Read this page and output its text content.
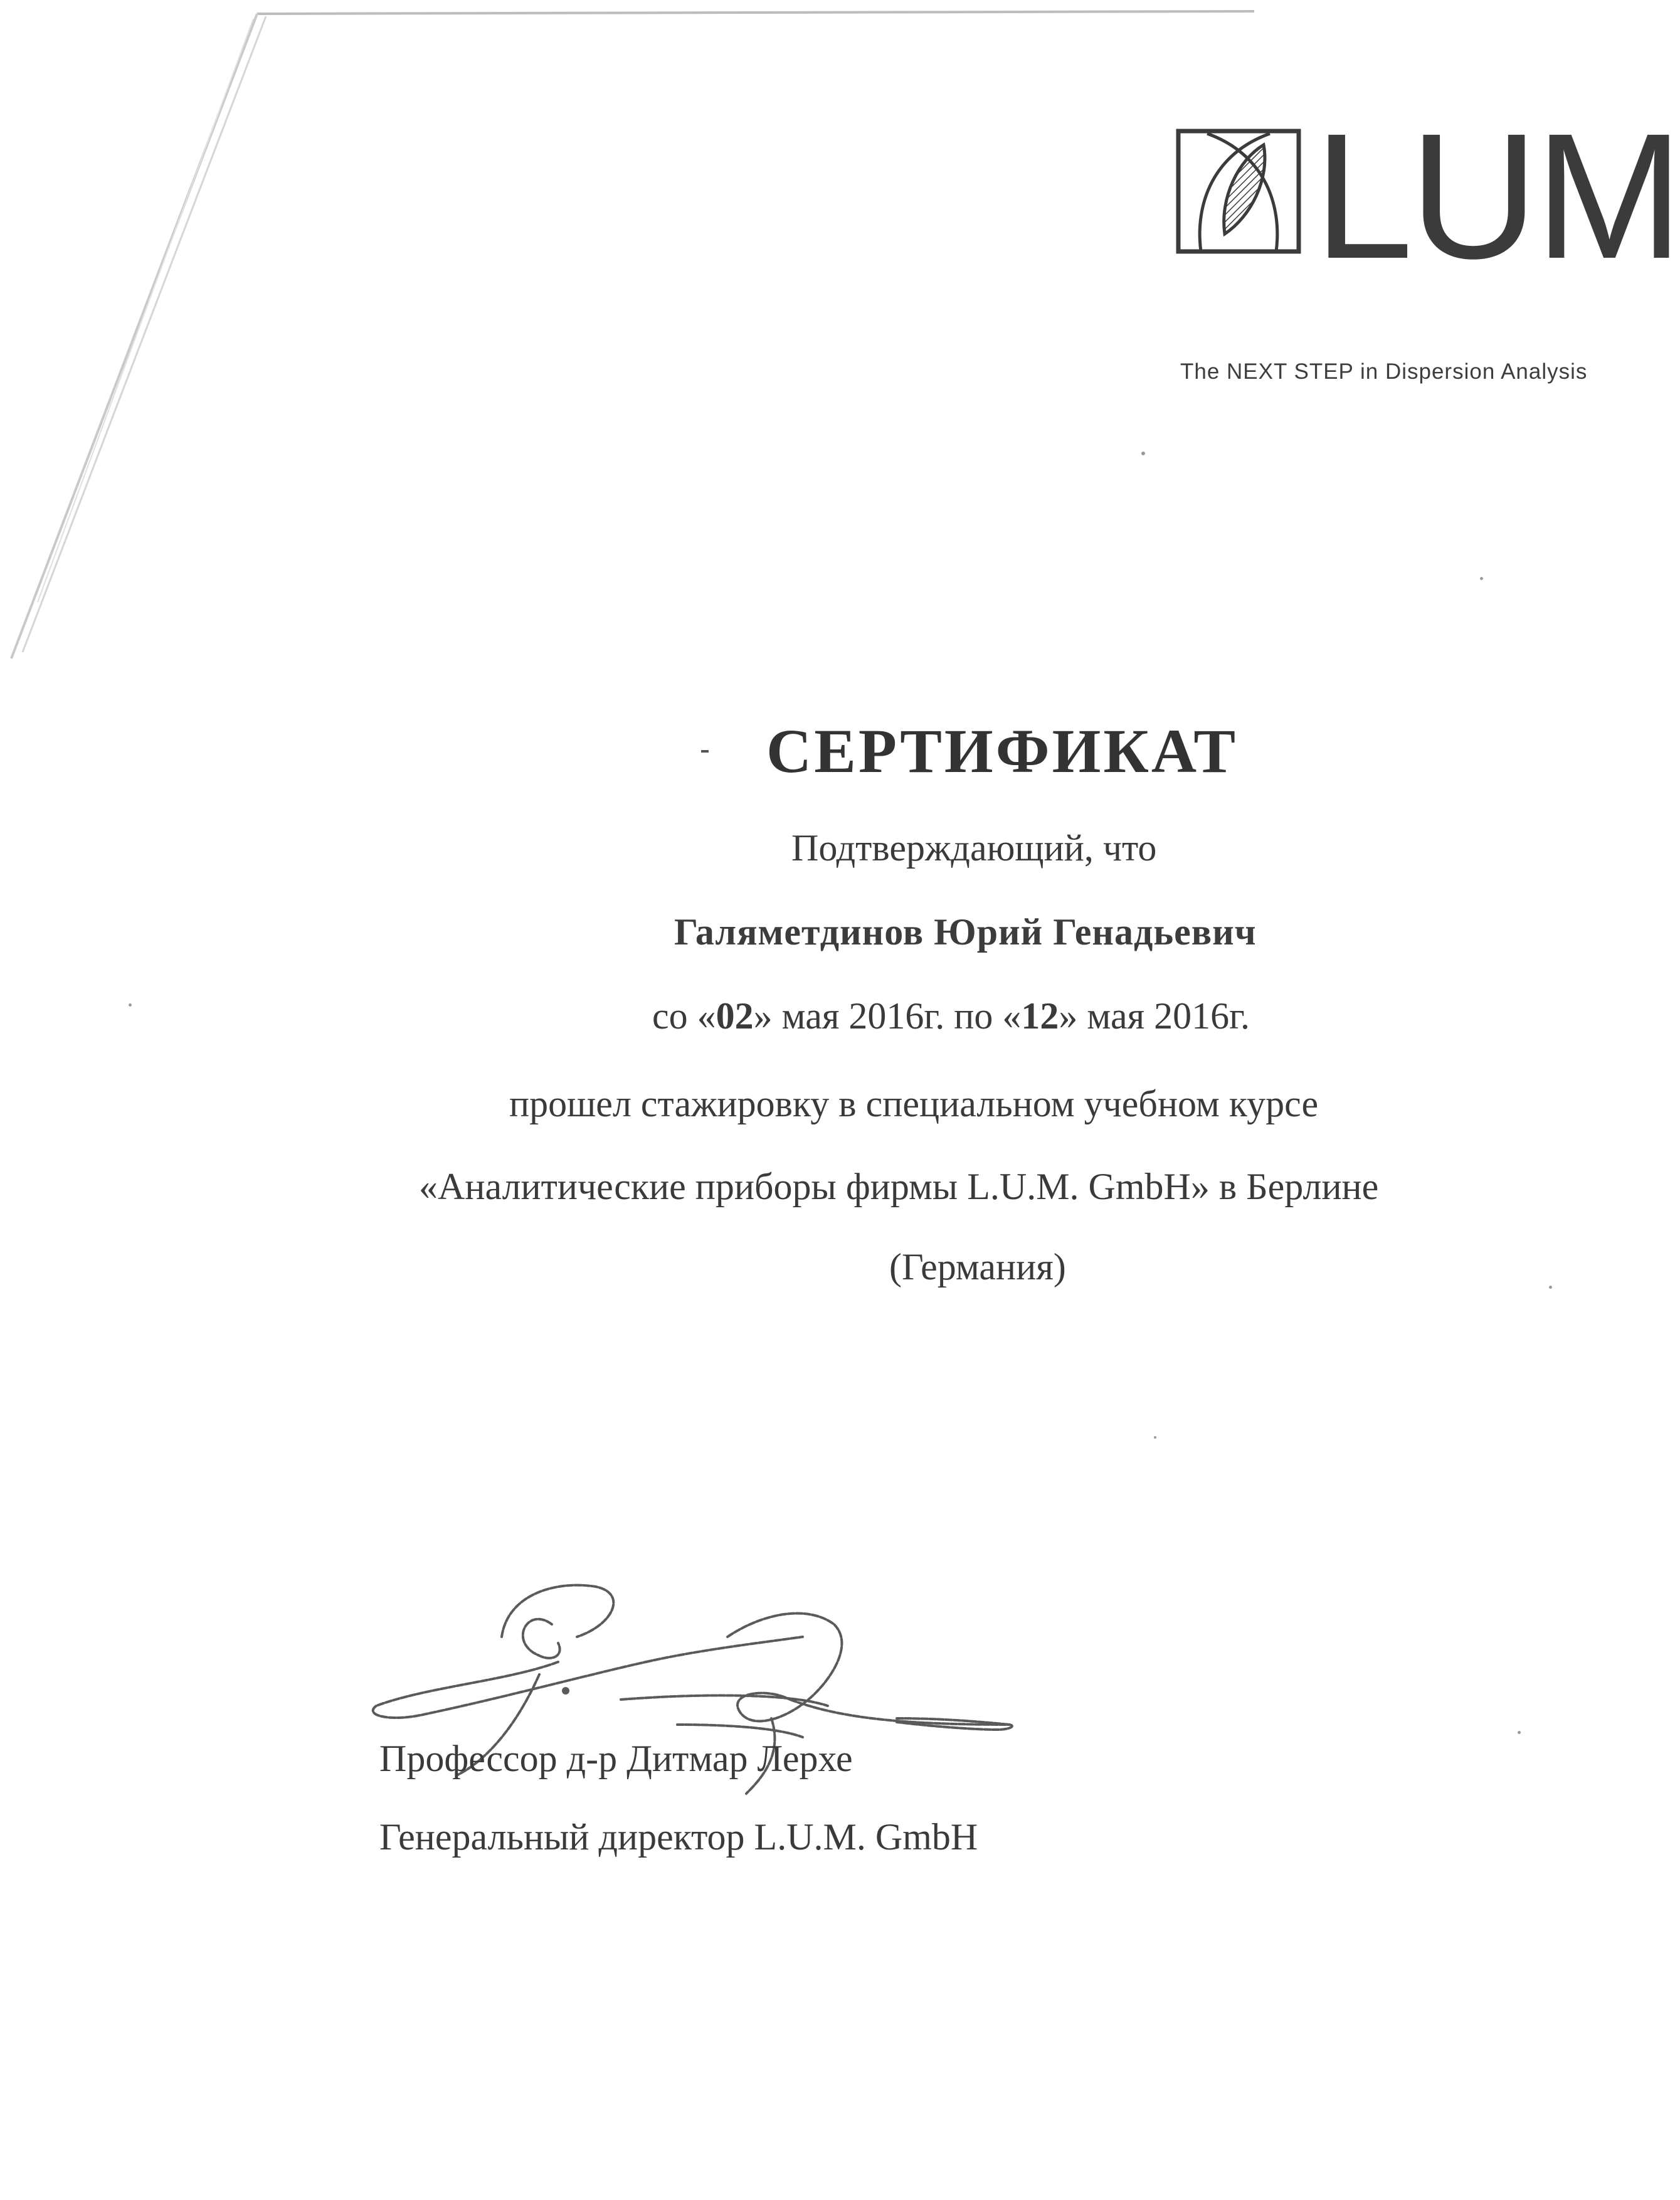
LUM
The NEXT STEP in Dispersion Analysis
СЕРТИФИКАТ
Подтверждающий, что
Галяметдинов Юрий Генадьевич
со «02» мая 2016г. по «12» мая 2016г.
прошел стажировку в специальном учебном курсе
«Аналитические приборы фирмы L.U.M. GmbH» в Берлине
(Германия)
Профессор д-р Дитмар Лерхе
Генеральный директор L.U.M. GmbH
